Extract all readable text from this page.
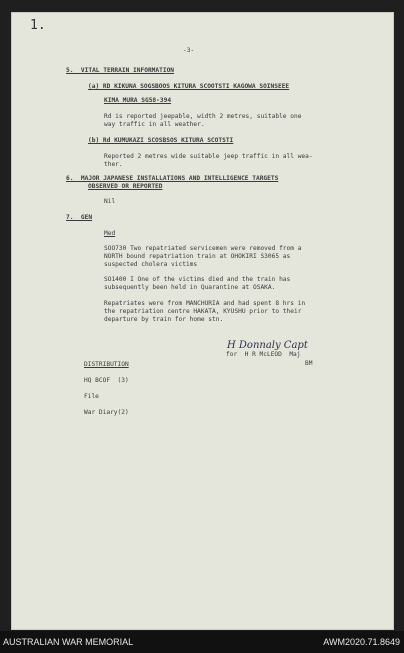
1.
-3-
5.  VITAL TERRAIN INFORMATION
(a) RD KIKUNA SOGSBOOS KITURA SCOOTSTI KAGOWA SOINSEEE
KIMA MURA SG58-394
Rd is reported jeepable, width 2 metres, suitable one
way traffic in all weather.
(b) Rd KUMUKAZI SCOSBSOS KITURA SCOTSTI
Reported 2 metres wide suitable jeep traffic in all wea-
ther.
6.  MAJOR JAPANESE INSTALLATIONS AND INTELLIGENCE TARGETS
OBSERVED OR REPORTED
Nil
7.  GEN
Med
SOO730 Two repatriated servicemen were removed from a
NORTH bound repatriation train at OHOKIRI S3065 as
suspected cholera victims
SO1400 I One of the victims died and the train has
subsequently been held in Quarantine at OSAKA.
Repatriates were from MANCHURIA and had spent 8 hrs in
the repatriation centre HAKATA, KYUSHU prior to their
departure by train for home stn.
H Donnaly Capt
for  H R McLEOD  Maj
BM
DISTRIBUTION
HQ BCOF  (3)
File
War Diary(2)
AUSTRALIAN WAR MEMORIAL	AWM2020.71.8649
